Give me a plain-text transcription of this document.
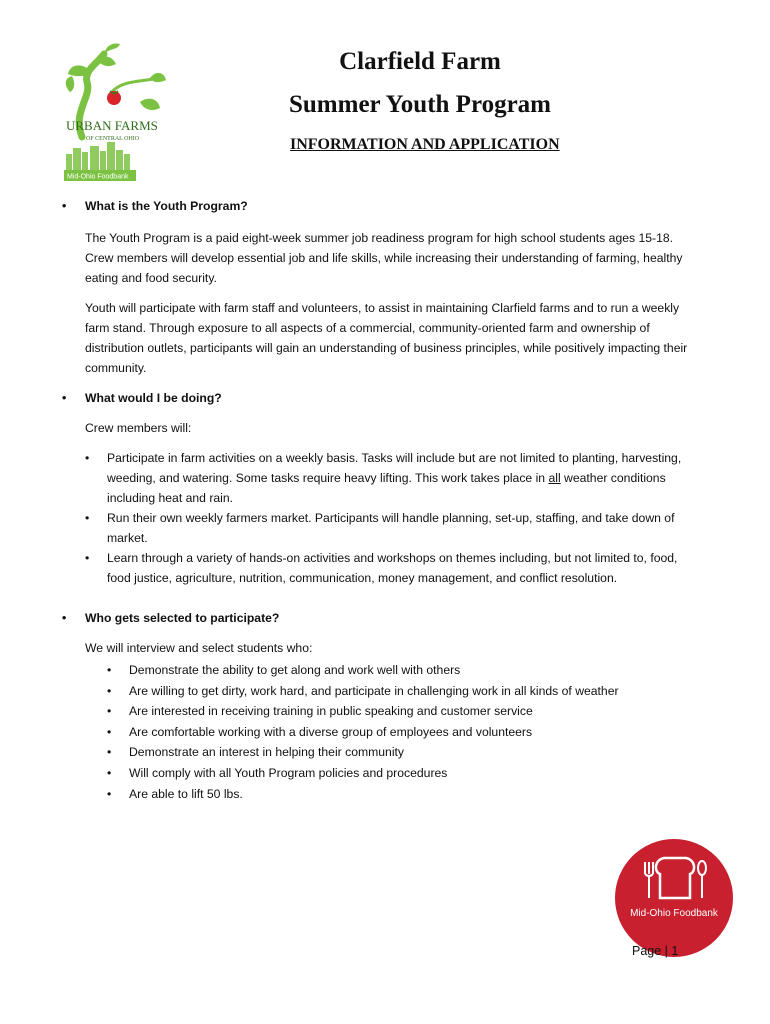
URBAN FARMS
OF CENTRAL OHIO
Mid-Ohio Foodbank
Clarfield Farm
Summer Youth Program
INFORMATION AND APPLICATION
•	What is the Youth Program?

The Youth Program is a paid eight-week summer job readiness program for high school students ages 15-18. Crew members will develop essential job and life skills, while increasing their understanding of farming, healthy eating and food security.

Youth will participate with farm staff and volunteers, to assist in maintaining Clarfield farms and to run a weekly farm stand. Through exposure to all aspects of a commercial, community-oriented farm and ownership of distribution outlets, participants will gain an understanding of business principles, while positively impacting their community.

•	What would I be doing?

Crew members will:

•	Participate in farm activities on a weekly basis. Tasks will include but are not limited to planting, harvesting, weeding, and watering. Some tasks require heavy lifting. This work takes place in all weather conditions including heat and rain.
•	Run their own weekly farmers market. Participants will handle planning, set-up, staffing, and take down of market.
•	Learn through a variety of hands-on activities and workshops on themes including, but not limited to, food, food justice, agriculture, nutrition, communication, money management, and conflict resolution.
•	Who gets selected to participate?

We will interview and select students who:

•	Demonstrate the ability to get along and work well with others
•	Are willing to get dirty, work hard, and participate in challenging work in all kinds of weather
•	Are interested in receiving training in public speaking and customer service
•	Are comfortable working with a diverse group of employees and volunteers
•	Demonstrate an interest in helping their community
•	Will comply with all Youth Program policies and procedures
•	Are able to lift 50 lbs.
Mid-Ohio Foodbank
Page | 1
